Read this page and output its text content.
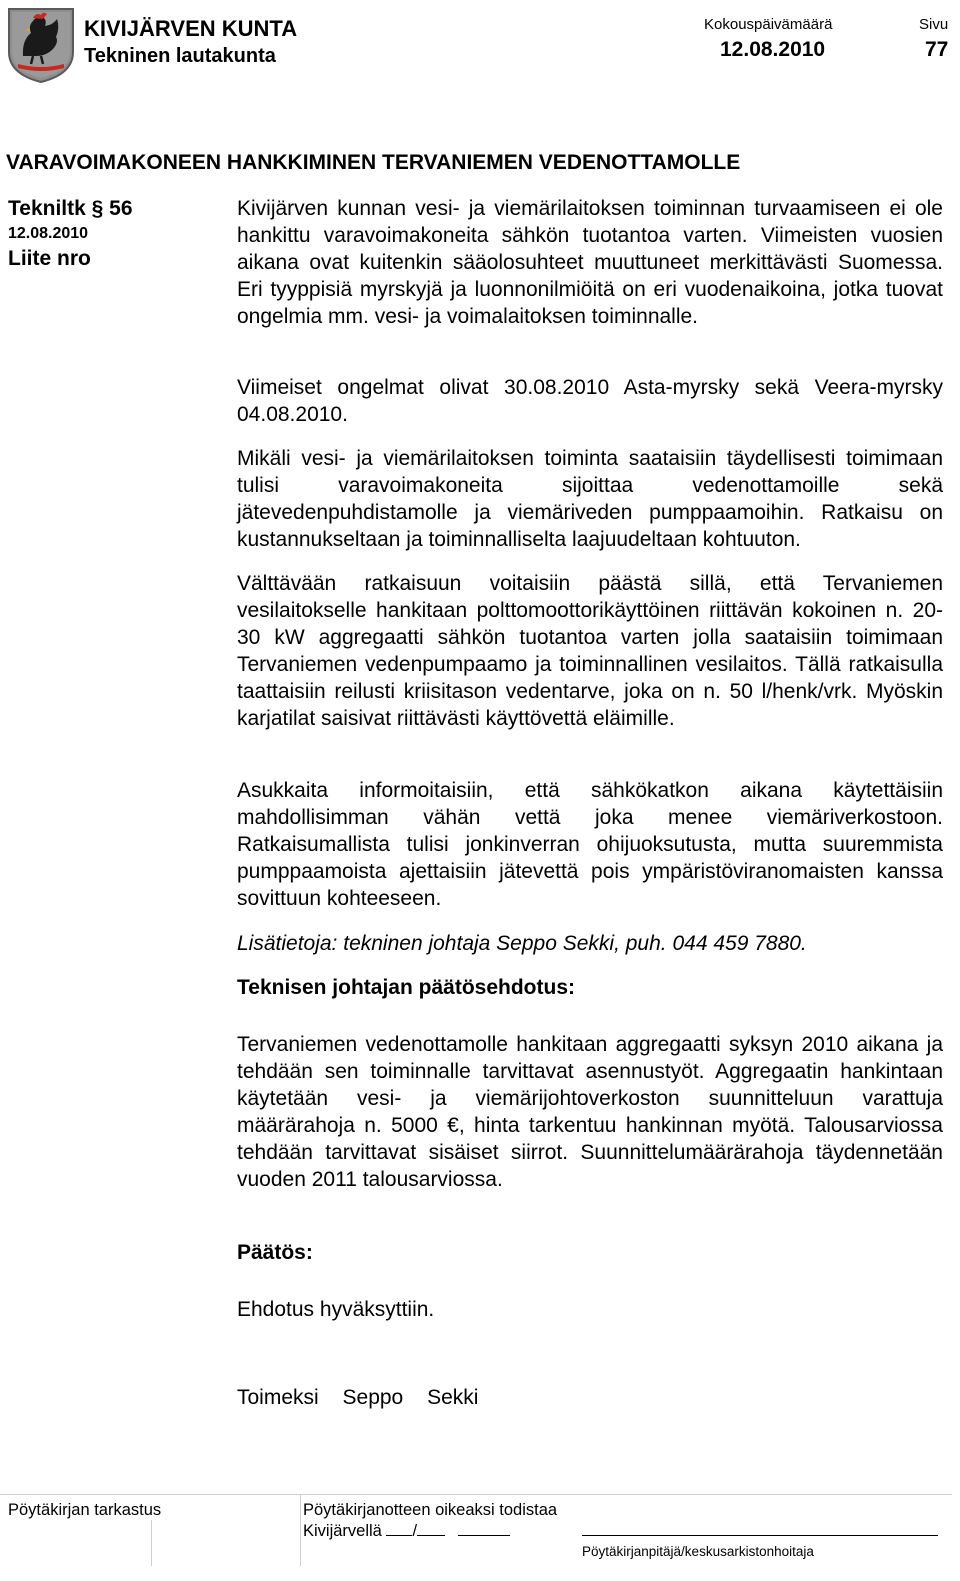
KIVIJÄRVEN KUNTA
Tekninen lautakunta
Kokouspäivämäärä
12.08.2010
Sivu
77
VARAVOIMAKONEEN HANKKIMINEN TERVANIEMEN VEDENOTTAMOLLE
Tekniltk § 56
12.08.2010
Liite nro

Kivijärven kunnan vesi- ja viemärilaitoksen toiminnan turvaamiseen ei ole hankittu varavoimakoneita sähkön tuotantoa varten. Viimeisten vuosien aikana ovat kuitenkin sääolosuhteet muuttuneet merkittävästi Suomessa. Eri tyyppisiä myrskyjä ja luonnonilmiöitä on eri vuodenaikoina, jotka tuovat ongelmia mm. vesi- ja voimalaitoksen toiminnalle.

Viimeiset ongelmat olivat 30.08.2010 Asta-myrsky sekä Veera-myrsky 04.08.2010.

Mikäli vesi- ja viemärilaitoksen toiminta saataisiin täydellisesti toimimaan tulisi varavoimakoneita sijoittaa vedenottamoille sekä jätevedenpuhdistamolle ja viemäriveden pumppaamoihin. Ratkaisu on kustannukseltaan ja toiminnalliselta laajuudeltaan kohtuuton.

Välttävään ratkaisuun voitaisiin päästä sillä, että Tervaniemen vesilaitokselle hankitaan polttomoottorikäyttöinen riittävän kokoinen n. 20-30 kW aggregaatti sähkön tuotantoa varten jolla saataisiin toimimaan Tervaniemen vedenpumpaamo ja toiminnallinen vesilaitos. Tällä ratkaisulla taattaisiin reilusti kriisitason vedentarve, joka on n. 50 l/henk/vrk. Myöskin karjatilat saisivat riittävästi käyttövettä eläimille.

Asukkaita informoitaisiin, että sähkökatkon aikana käytettäisiin mahdollisimman vähän vettä joka menee viemäriverkostoon. Ratkaisumallista tulisi jonkinverran ohijuoksutusta, mutta suuremmista pumppaamoista ajettaisiin jätevettä pois ympäristöviranomaisten kanssa sovittuun kohteeseen.

Lisätietoja: tekninen johtaja Seppo Sekki, puh. 044 459 7880.

Teknisen johtajan päätösehdotus:

Tervaniemen vedenottamolle hankitaan aggregaatti syksyn 2010 aikana ja tehdään sen toiminnalle tarvittavat asennustyöt. Aggregaatin hankintaan käytetään vesi- ja viemärijohtoverkoston suunnitteluun varattuja määrärahoja n. 5000 €, hinta tarkentuu hankinnan myötä. Talousarviossa tehdään tarvittavat sisäiset siirrot. Suunnittelumäärärahoja täydennetään vuoden 2011 talousarviossa.

Päätös:

Ehdotus hyväksyttiin.

Toimeksi Seppo Sekki

Pöytäkirjan tarkastus	Pöytäkirjanotteen oikeaksi todistaa
Kivijärvellä /
Pöytäkirjanpitäjä/keskusarkistonhoitaja
